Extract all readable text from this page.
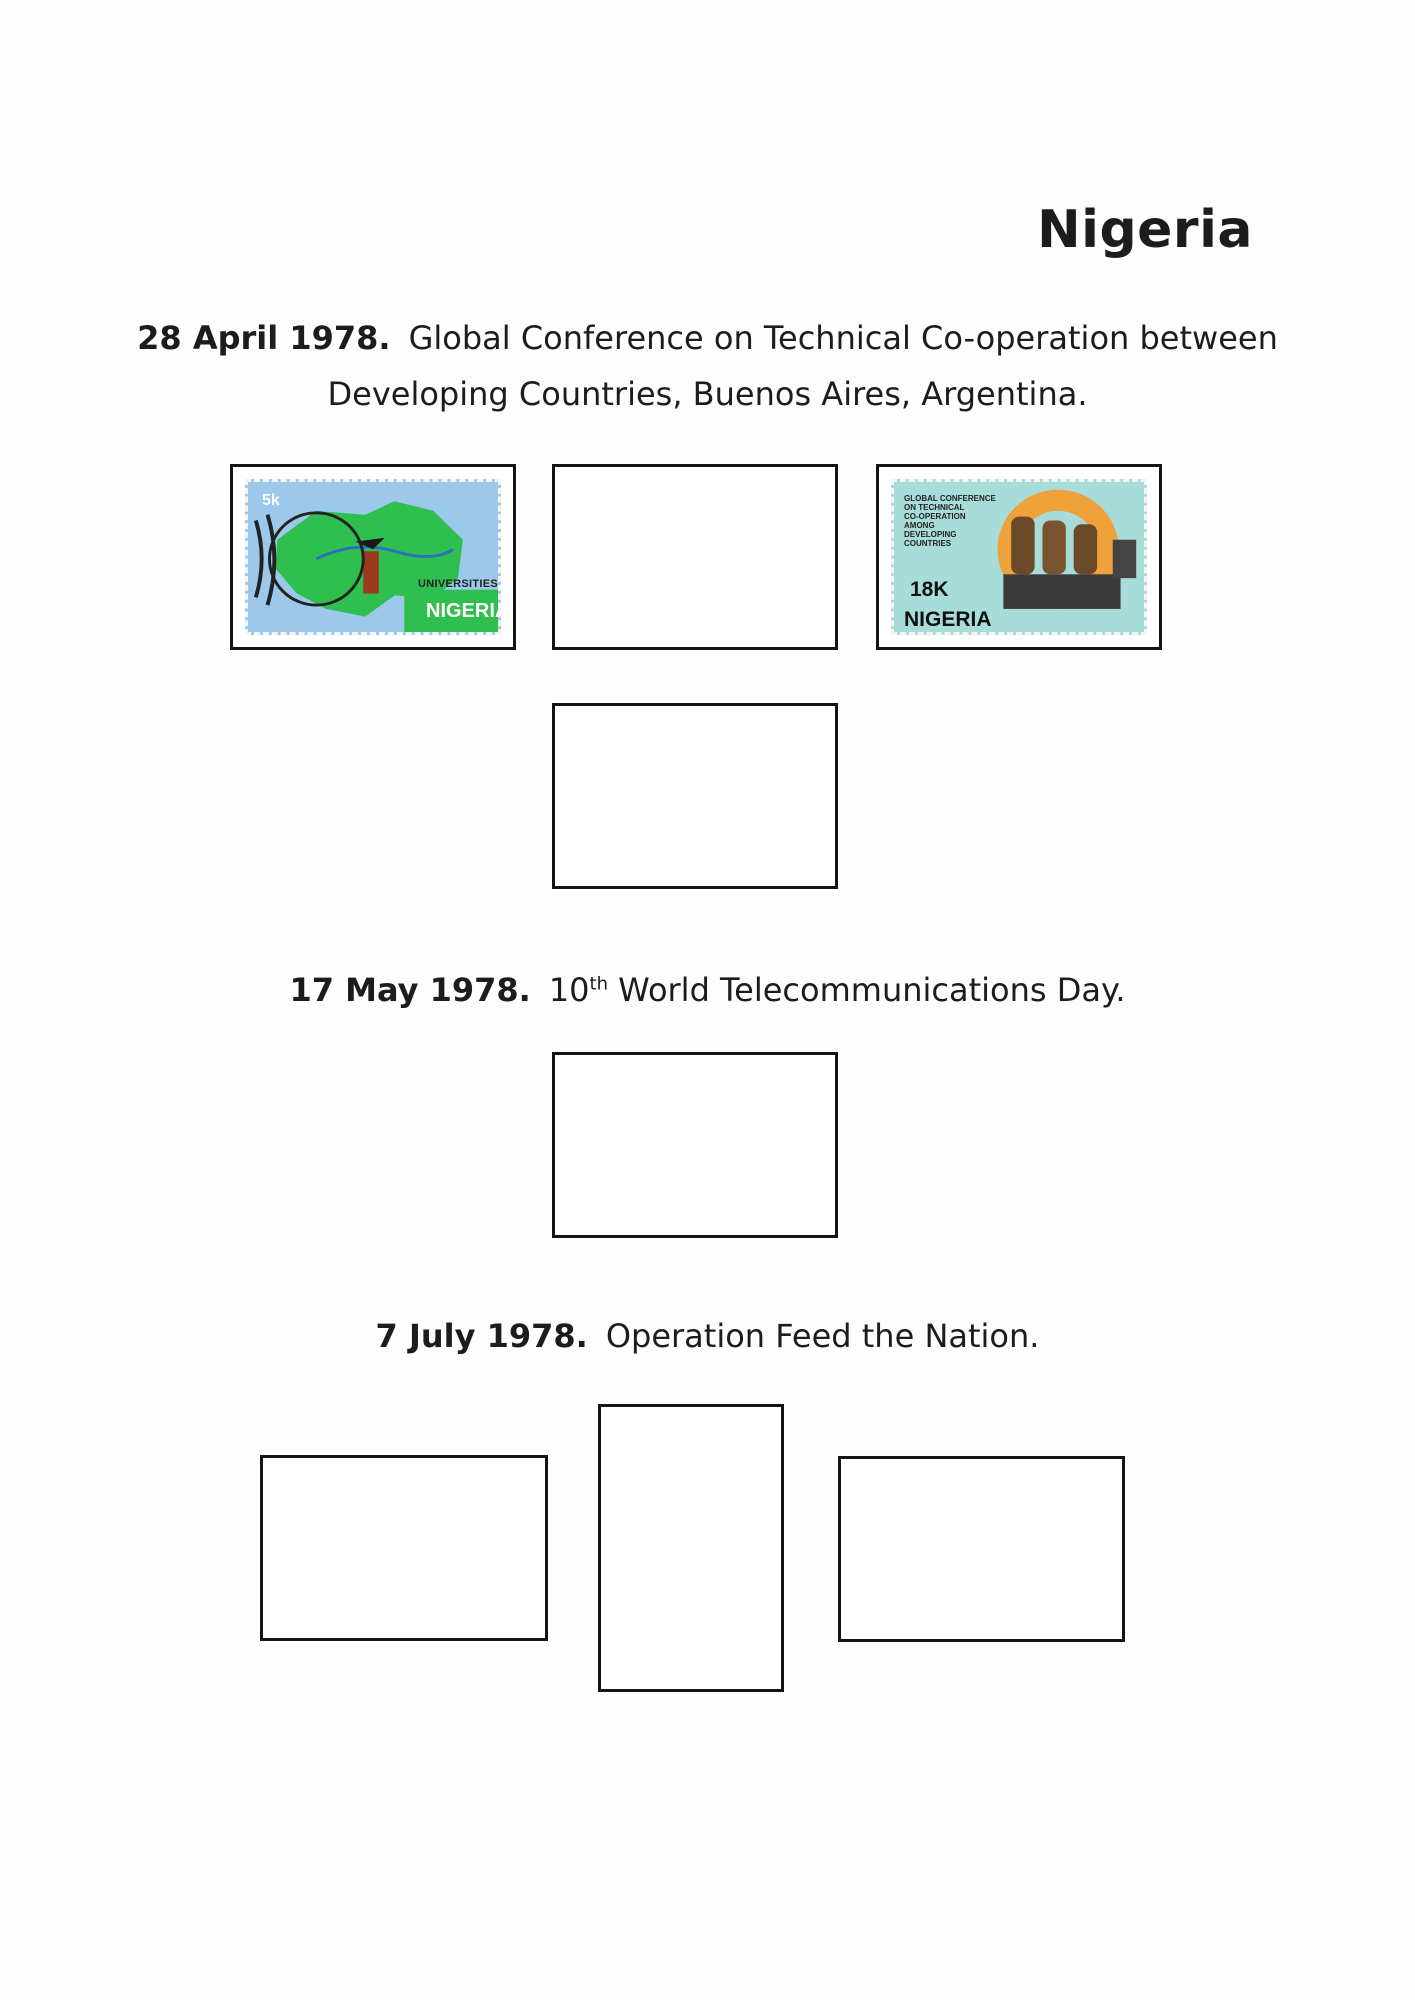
Nigeria
28 April 1978. Global Conference on Technical Co-operation between
Developing Countries, Buenos Aires, Argentina.
5k
UNIVERSITIES
NIGERIA
GLOBAL CONFERENCE
ON TECHNICAL
CO-OPERATION
AMONG
DEVELOPING
COUNTRIES
18K
NIGERIA
17 May 1978. 10th World Telecommunications Day.
7 July 1978. Operation Feed the Nation.
